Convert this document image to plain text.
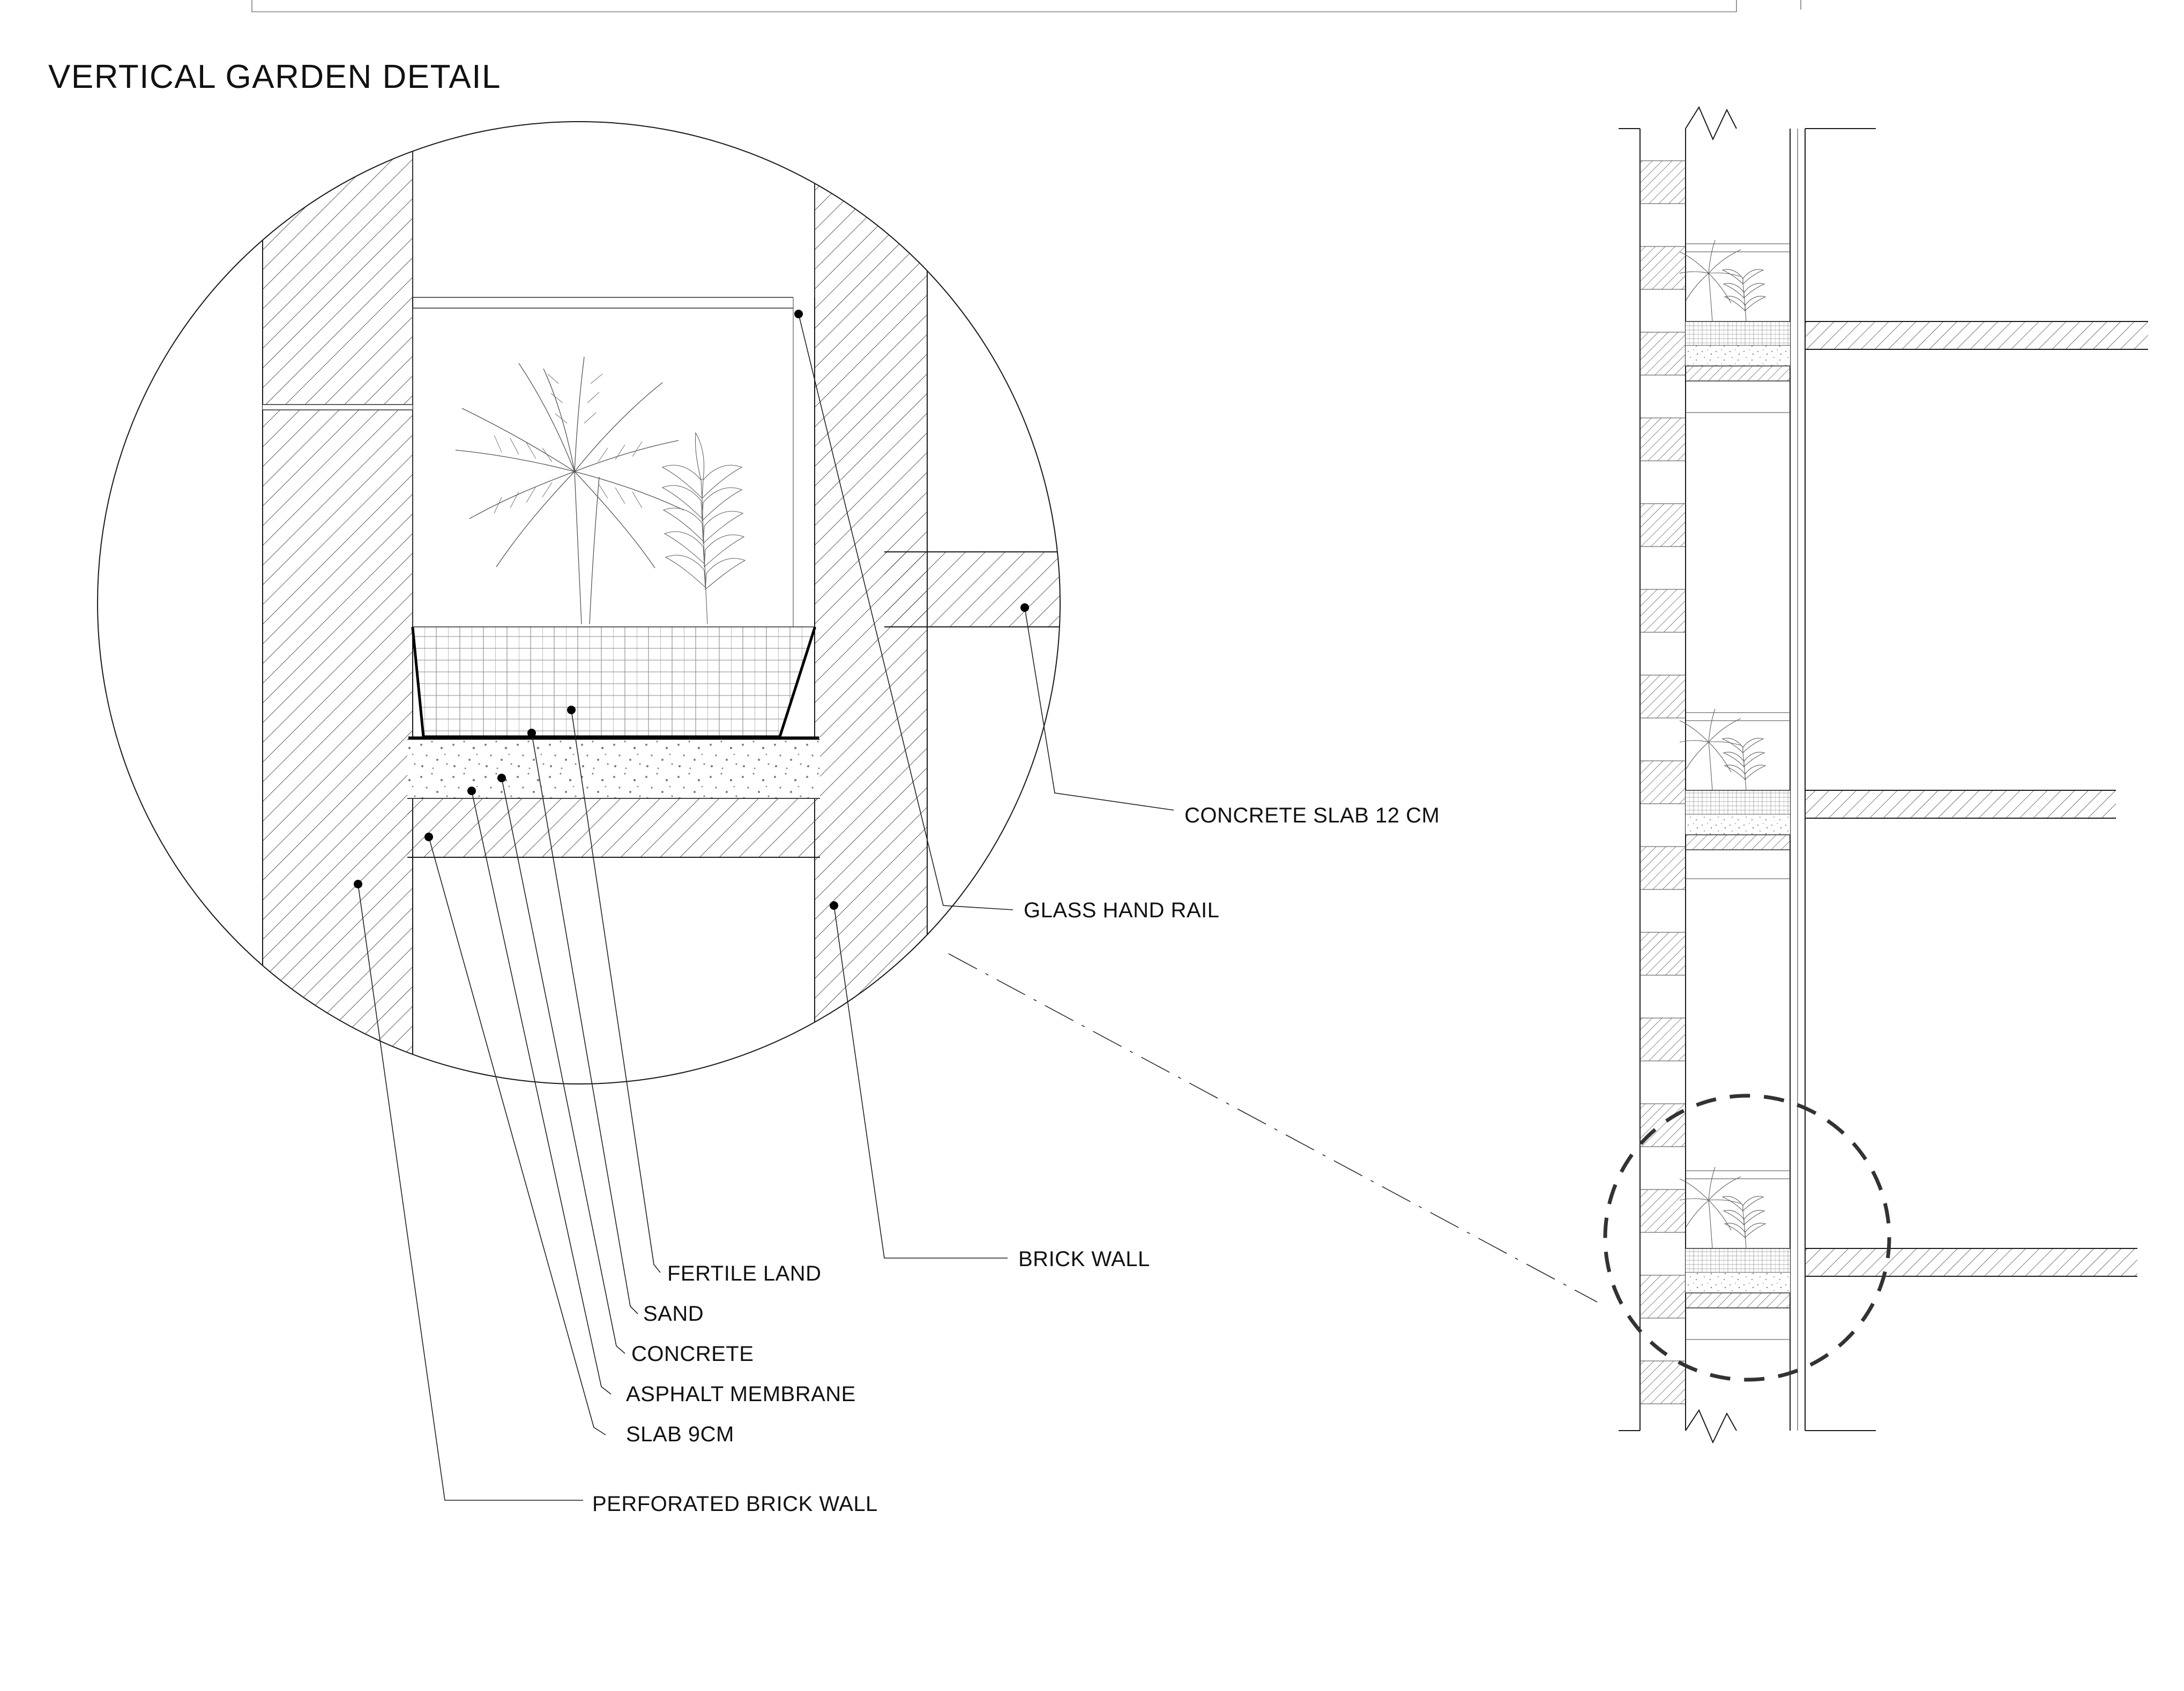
VERTICAL GARDEN DETAIL
CONCRETE SLAB 12 CM
GLASS HAND RAIL
BRICK WALL
FERTILE LAND
SAND
CONCRETE
ASPHALT MEMBRANE
SLAB 9CM
PERFORATED BRICK WALL
